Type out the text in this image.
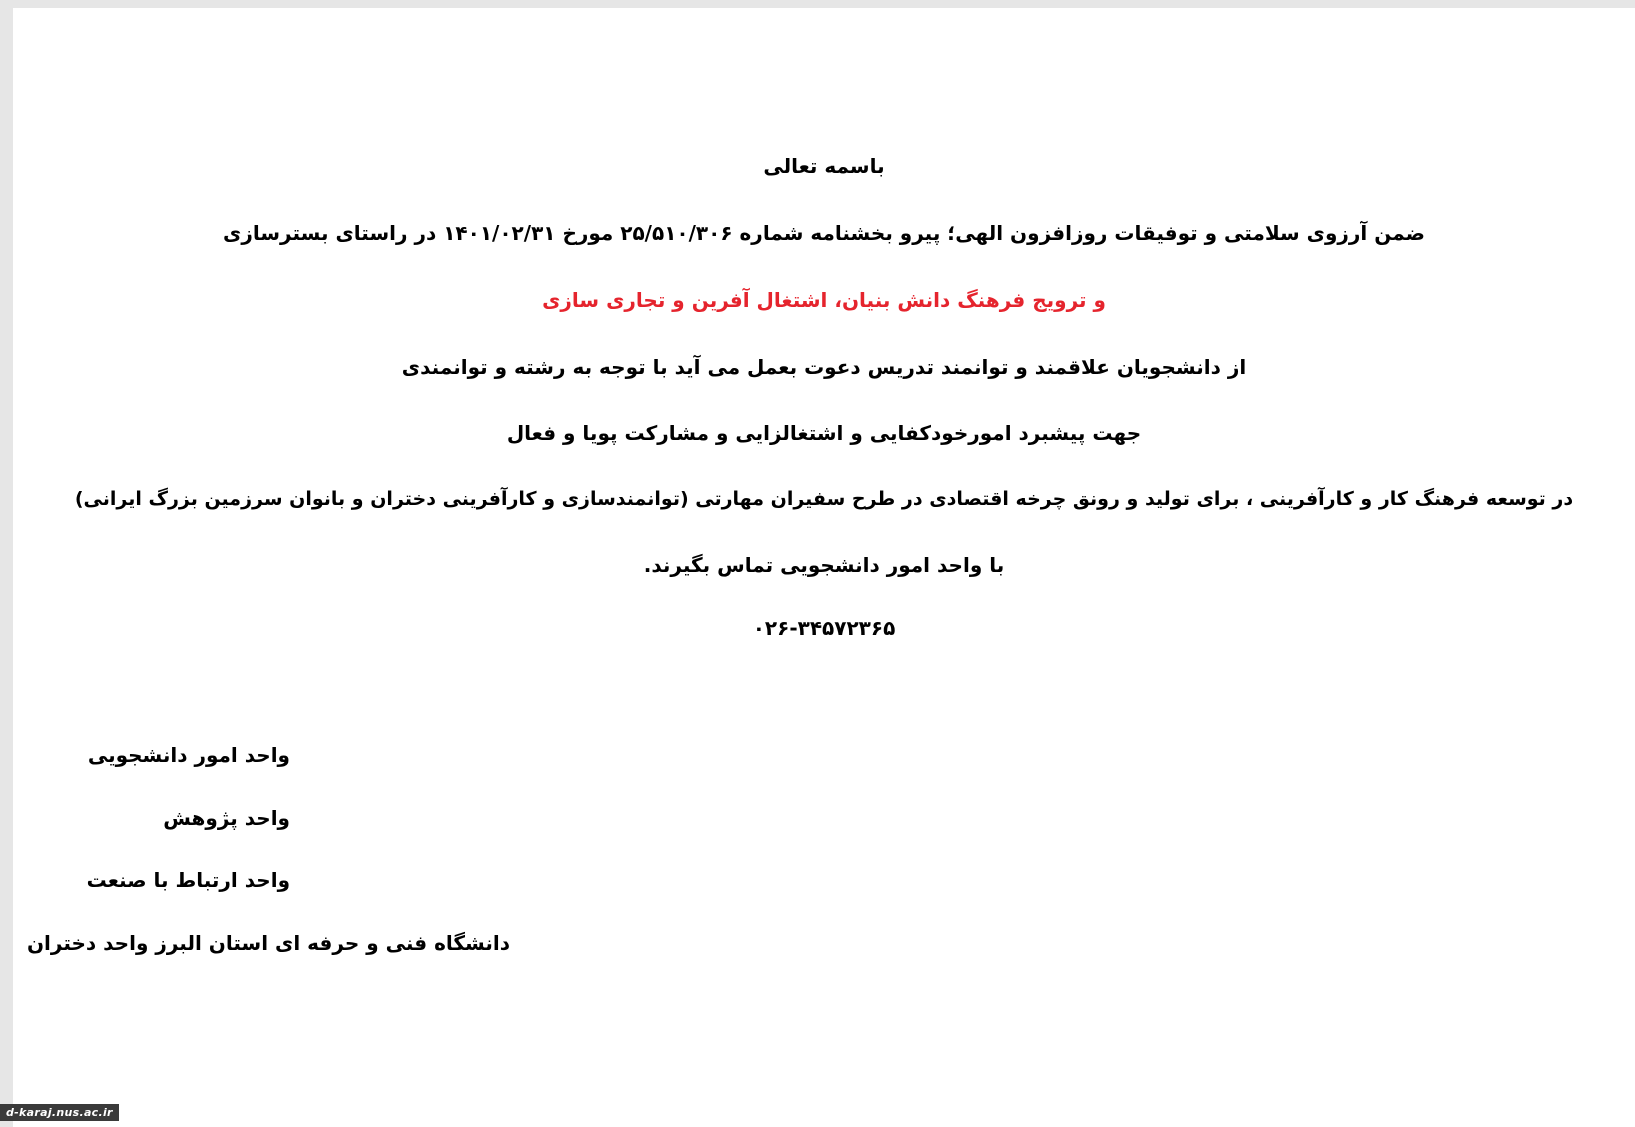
باسمه تعالی
ضمن آرزوی سلامتی و توفیقات روزافزون الهی؛ پیرو بخشنامه شماره ۲۵/۵۱۰/۳۰۶ مورخ ۱۴۰۱/۰۲/۳۱ در راستای بسترسازی
و ترویج فرهنگ دانش بنیان، اشتغال آفرین و تجاری سازی
از دانشجویان علاقمند و توانمند تدریس دعوت بعمل می آید با توجه به رشته و توانمندی
جهت پیشبرد امورخودکفایی و اشتغالزایی و مشارکت پویا و فعال
در توسعه فرهنگ کار و کارآفرینی ، برای تولید و رونق چرخه اقتصادی در طرح سفیران مهارتی (توانمندسازی و کارآفرینی دختران و بانوان سرزمین بزرگ ایرانی)
با واحد امور دانشجویی تماس بگیرند.
۰۲۶-۳۴۵۷۲۳۶۵
واحد امور دانشجویی
واحد پژوهش
واحد ارتباط با صنعت
دانشگاه فنی و حرفه ای استان البرز واحد دختران
d-karaj.nus.ac.ir
